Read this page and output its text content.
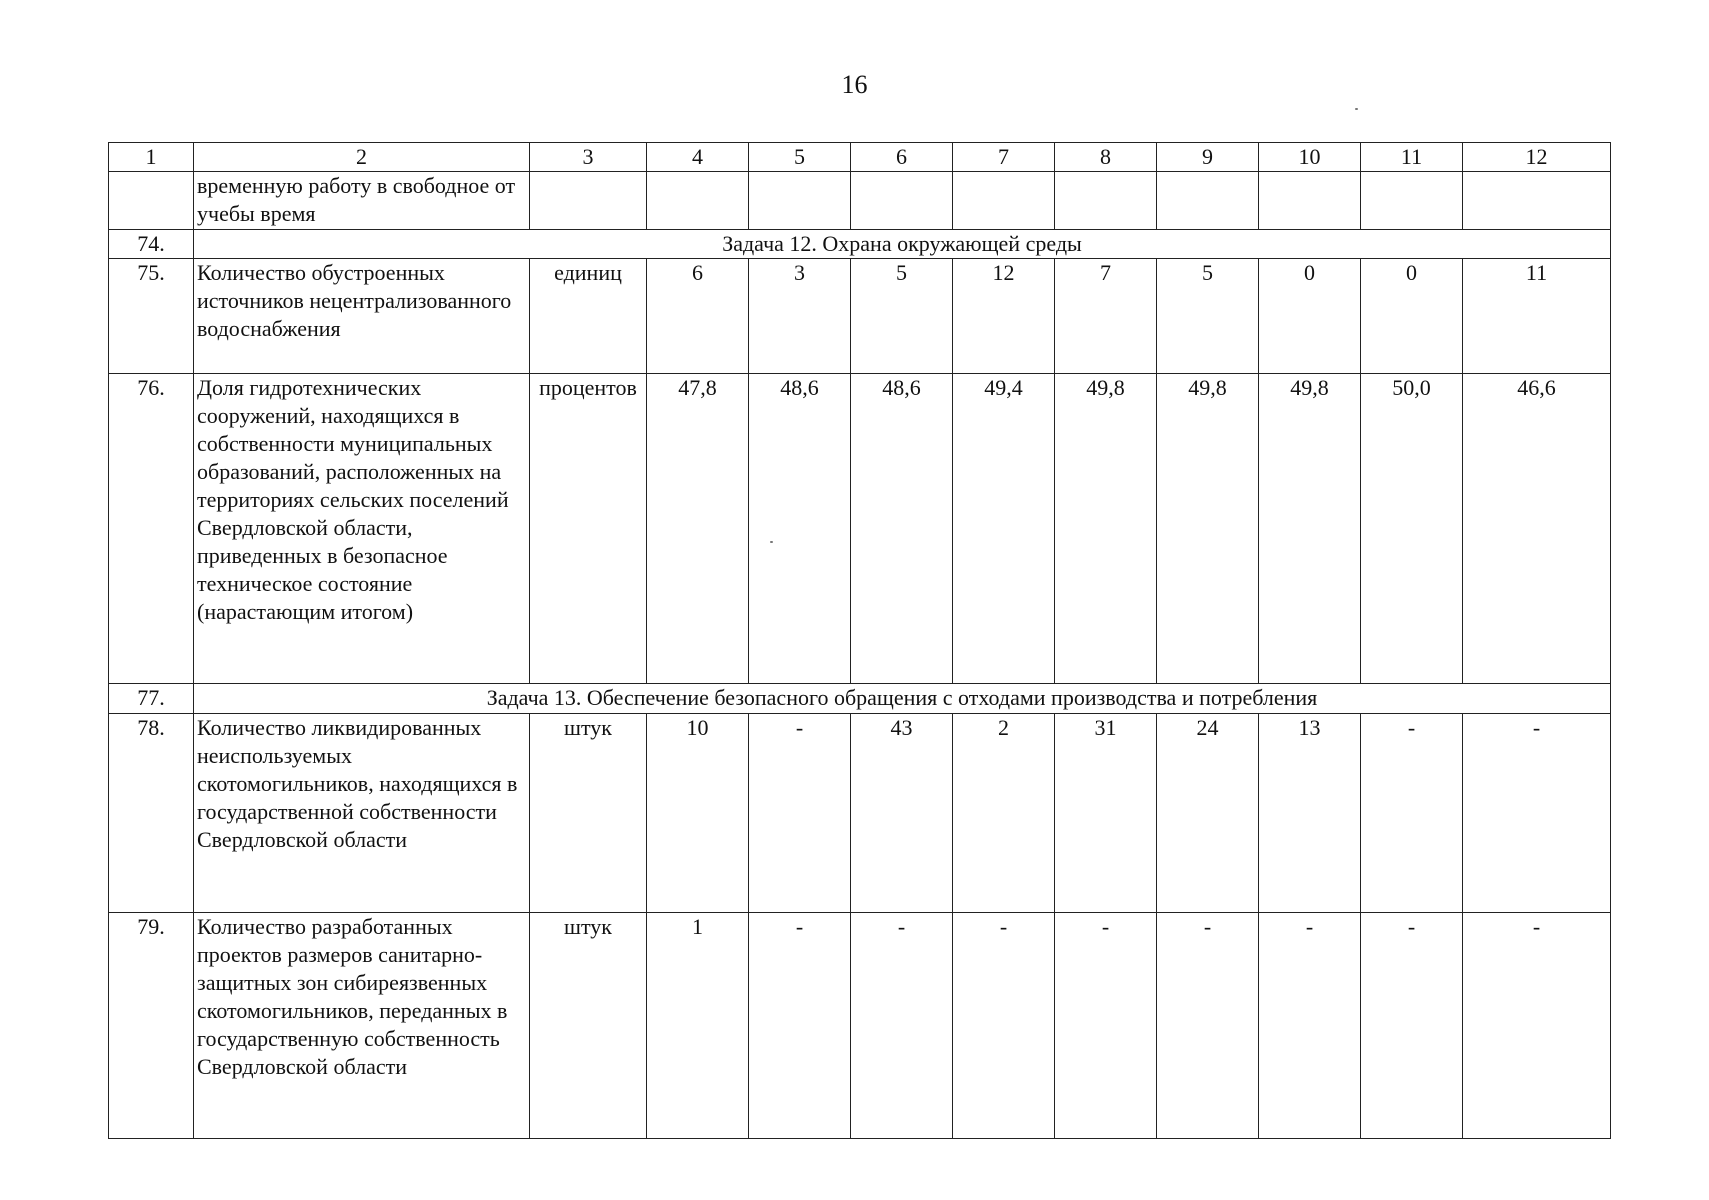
16
1	2	3	4	5	6	7	8	9	10	11	12
	временную работу в свободное от учебы время										
74.	Задача 12. Охрана окружающей среды										
75.	Количество обустроенных источников нецентрализованного водоснабжения	единиц	6	3	5	12	7	5	0	0	11
76.	Доля гидротехнических сооружений, находящихся в собственности муниципальных образований, расположенных на территориях сельских поселений Свердловской области, приведенных в безопасное техническое состояние (нарастающим итогом)	процентов	47,8	48,6	48,6	49,4	49,8	49,8	49,8	50,0	46,6
77.	Задача 13. Обеспечение безопасного обращения с отходами производства и потребления										
78.	Количество ликвидированных неиспользуемых скотомогильников, находящихся в государственной собственности Свердловской области	штук	10	-	43	2	31	24	13	-	-
79.	Количество разработанных проектов размеров санитарно-защитных зон сибиреязвенных скотомогильников, переданных в государственную собственность Свердловской области	штук	1	-	-	-	-	-	-	-	-
